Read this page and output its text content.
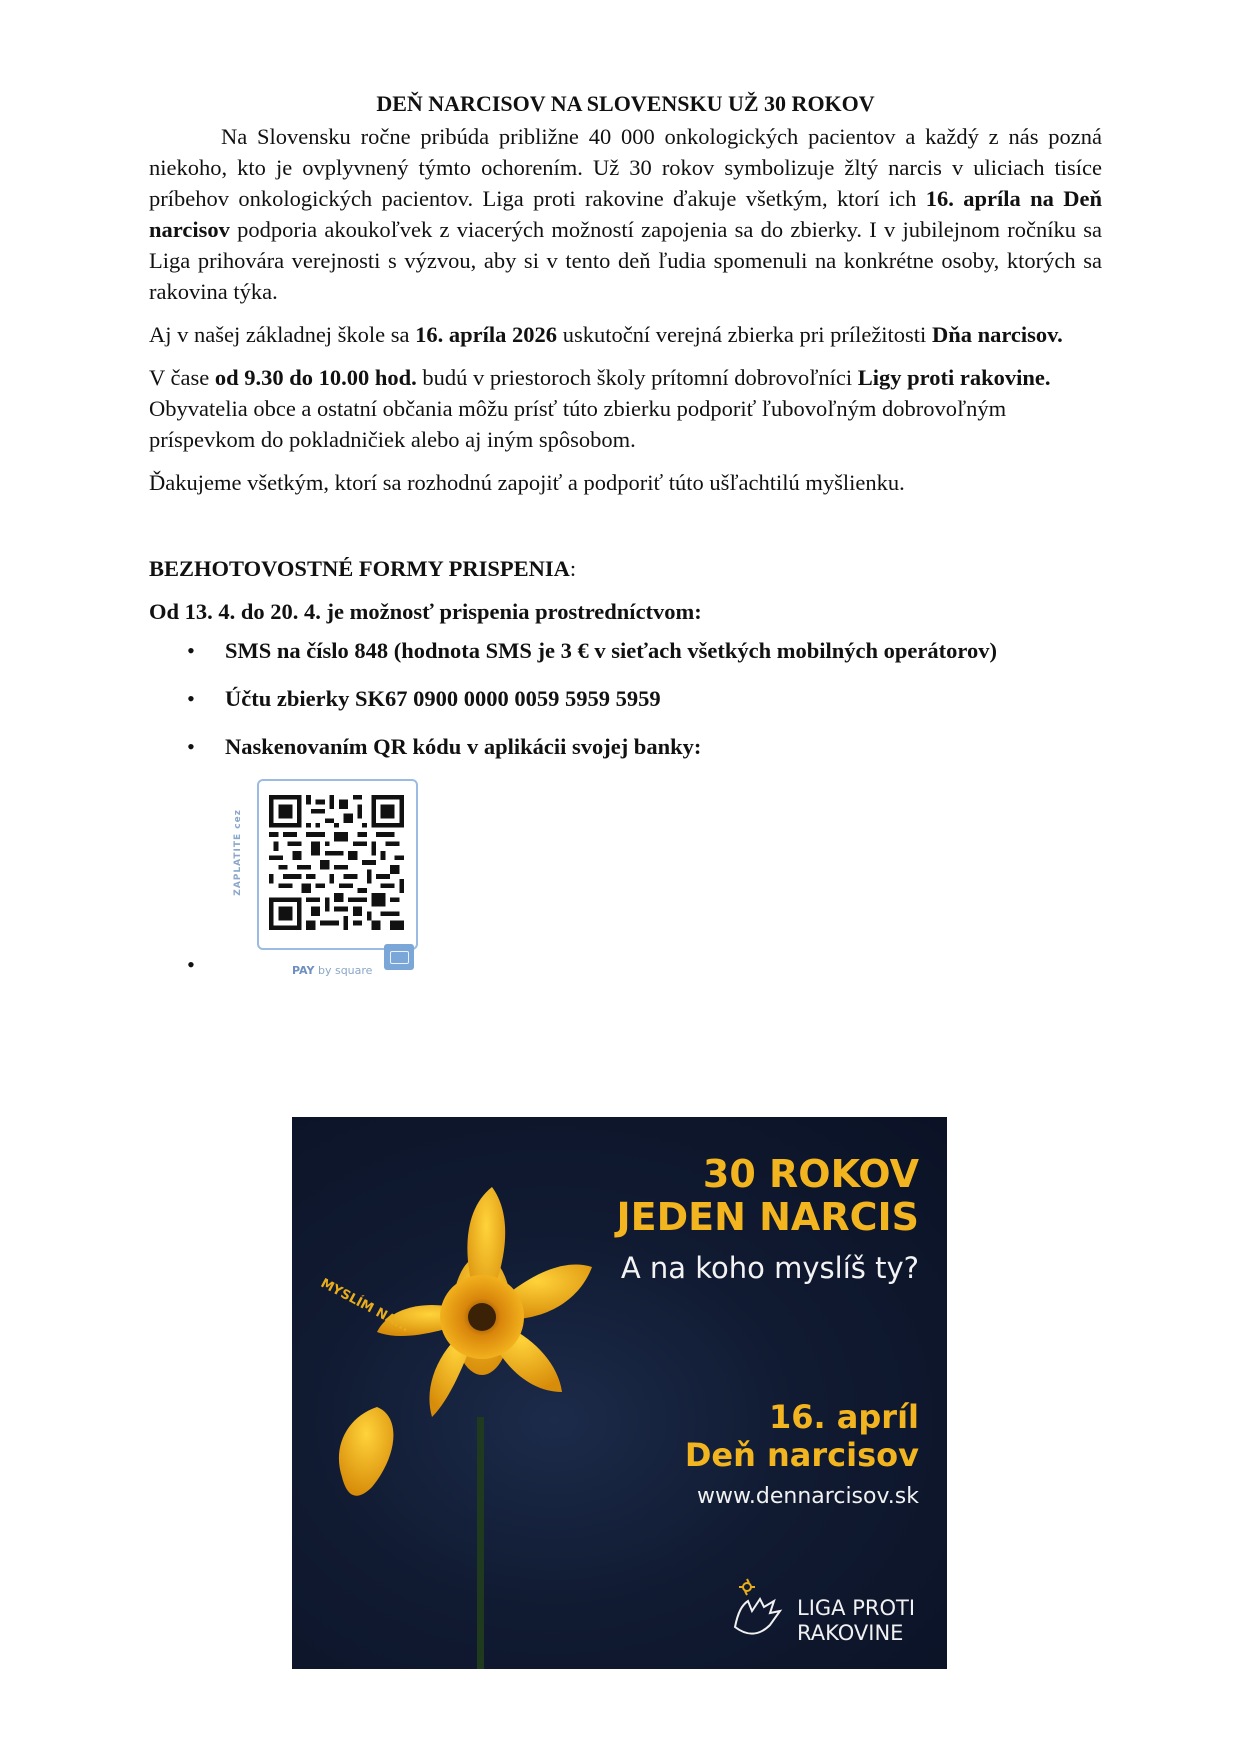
DEŇ NARCISOV NA SLOVENSKU UŽ 30 ROKOV

Na Slovensku ročne pribúda približne 40 000 onkologických pacientov a každý z nás pozná niekoho, kto je ovplyvnený týmto ochorením. Už 30 rokov symbolizuje žltý narcis v uliciach tisíce príbehov onkologických pacientov. Liga proti rakovine ďakuje všetkým, ktorí ich 16. apríla na Deň narcisov podporia akoukoľvek z viacerých možností zapojenia sa do zbierky. I v jubilejnom ročníku sa Liga prihovára verejnosti s výzvou, aby si v tento deň ľudia spomenuli na konkrétne osoby, ktorých sa rakovina týka.

Aj v našej základnej škole sa 16. apríla 2026 uskutoční verejná zbierka pri príležitosti Dňa narcisov.

V čase od 9.30 do 10.00 hod. budú v priestoroch školy prítomní dobrovoľníci Ligy proti rakovine. Obyvatelia obce a ostatní občania môžu prísť túto zbierku podporiť ľubovoľným dobrovoľným príspevkom do pokladničiek alebo aj iným spôsobom.

Ďakujeme všetkým, ktorí sa rozhodnú zapojiť a podporiť túto ušľachtilú myšlienku.

BEZHOTOVOSTNÉ FORMY PRISPENIA:

Od 13. 4. do 20. 4. je možnosť prispenia prostredníctvom:

• SMS na číslo 848 (hodnota SMS je 3 € v sieťach všetkých mobilných operátorov)
• Účtu zbierky SK67 0900 0000 0059 5959 5959
• Naskenovaním QR kódu v aplikácii svojej banky:
• ZAPLATITE cez
PAY by square
MYSLÍM NA...
30 ROKOV
JEDEN NARCIS
A na koho myslíš ty?
16. apríl
Deň narcisov
www.dennarcisov.sk
LIGA PROTI
RAKOVINE
